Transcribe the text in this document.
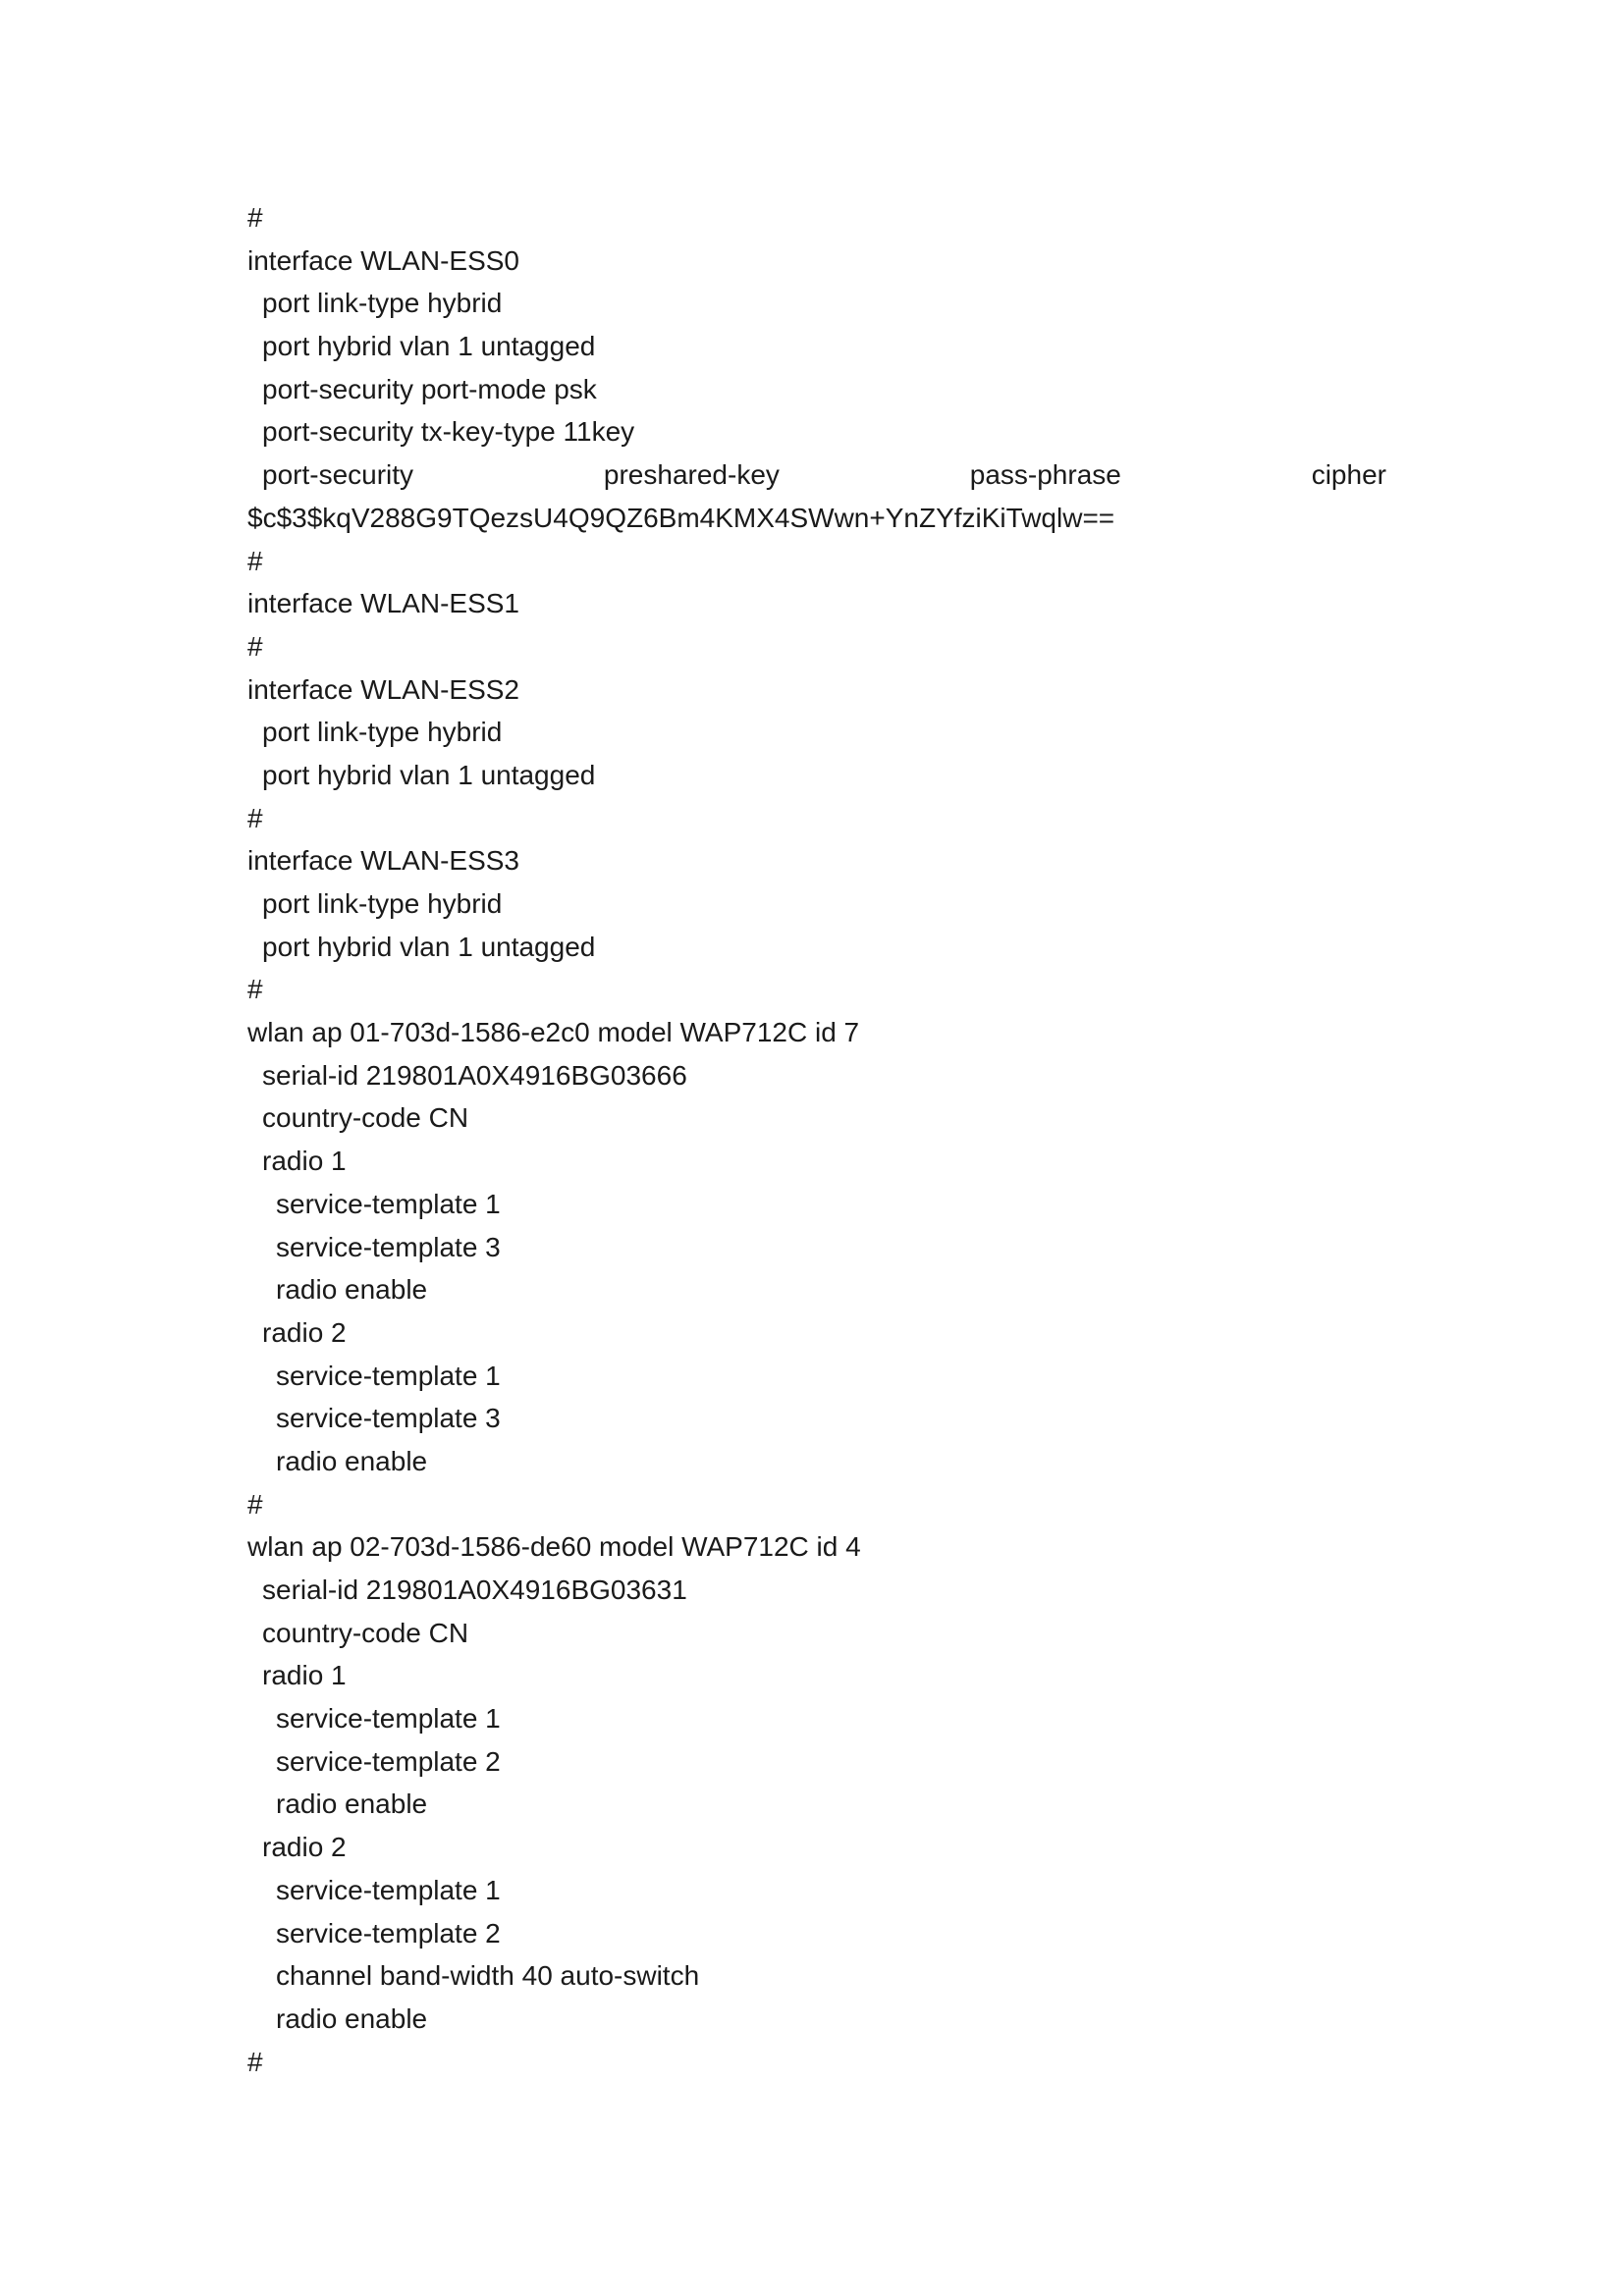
#
interface WLAN-ESS0
port link-type hybrid
port hybrid vlan 1 untagged
port-security port-mode psk
port-security tx-key-type 11key
port-security	preshared-key	pass-phrase	cipher
$c$3$kqV288G9TQezsU4Q9QZ6Bm4KMX4SWwn+YnZYfziKiTwqlw==
#
interface WLAN-ESS1
#
interface WLAN-ESS2
port link-type hybrid
port hybrid vlan 1 untagged
#
interface WLAN-ESS3
port link-type hybrid
port hybrid vlan 1 untagged
#
wlan ap 01-703d-1586-e2c0 model WAP712C id 7
serial-id 219801A0X4916BG03666
country-code CN
radio 1
service-template 1
service-template 3
radio enable
radio 2
service-template 1
service-template 3
radio enable
#
wlan ap 02-703d-1586-de60 model WAP712C id 4
serial-id 219801A0X4916BG03631
country-code CN
radio 1
service-template 1
service-template 2
radio enable
radio 2
service-template 1
service-template 2
channel band-width 40 auto-switch
radio enable
#
